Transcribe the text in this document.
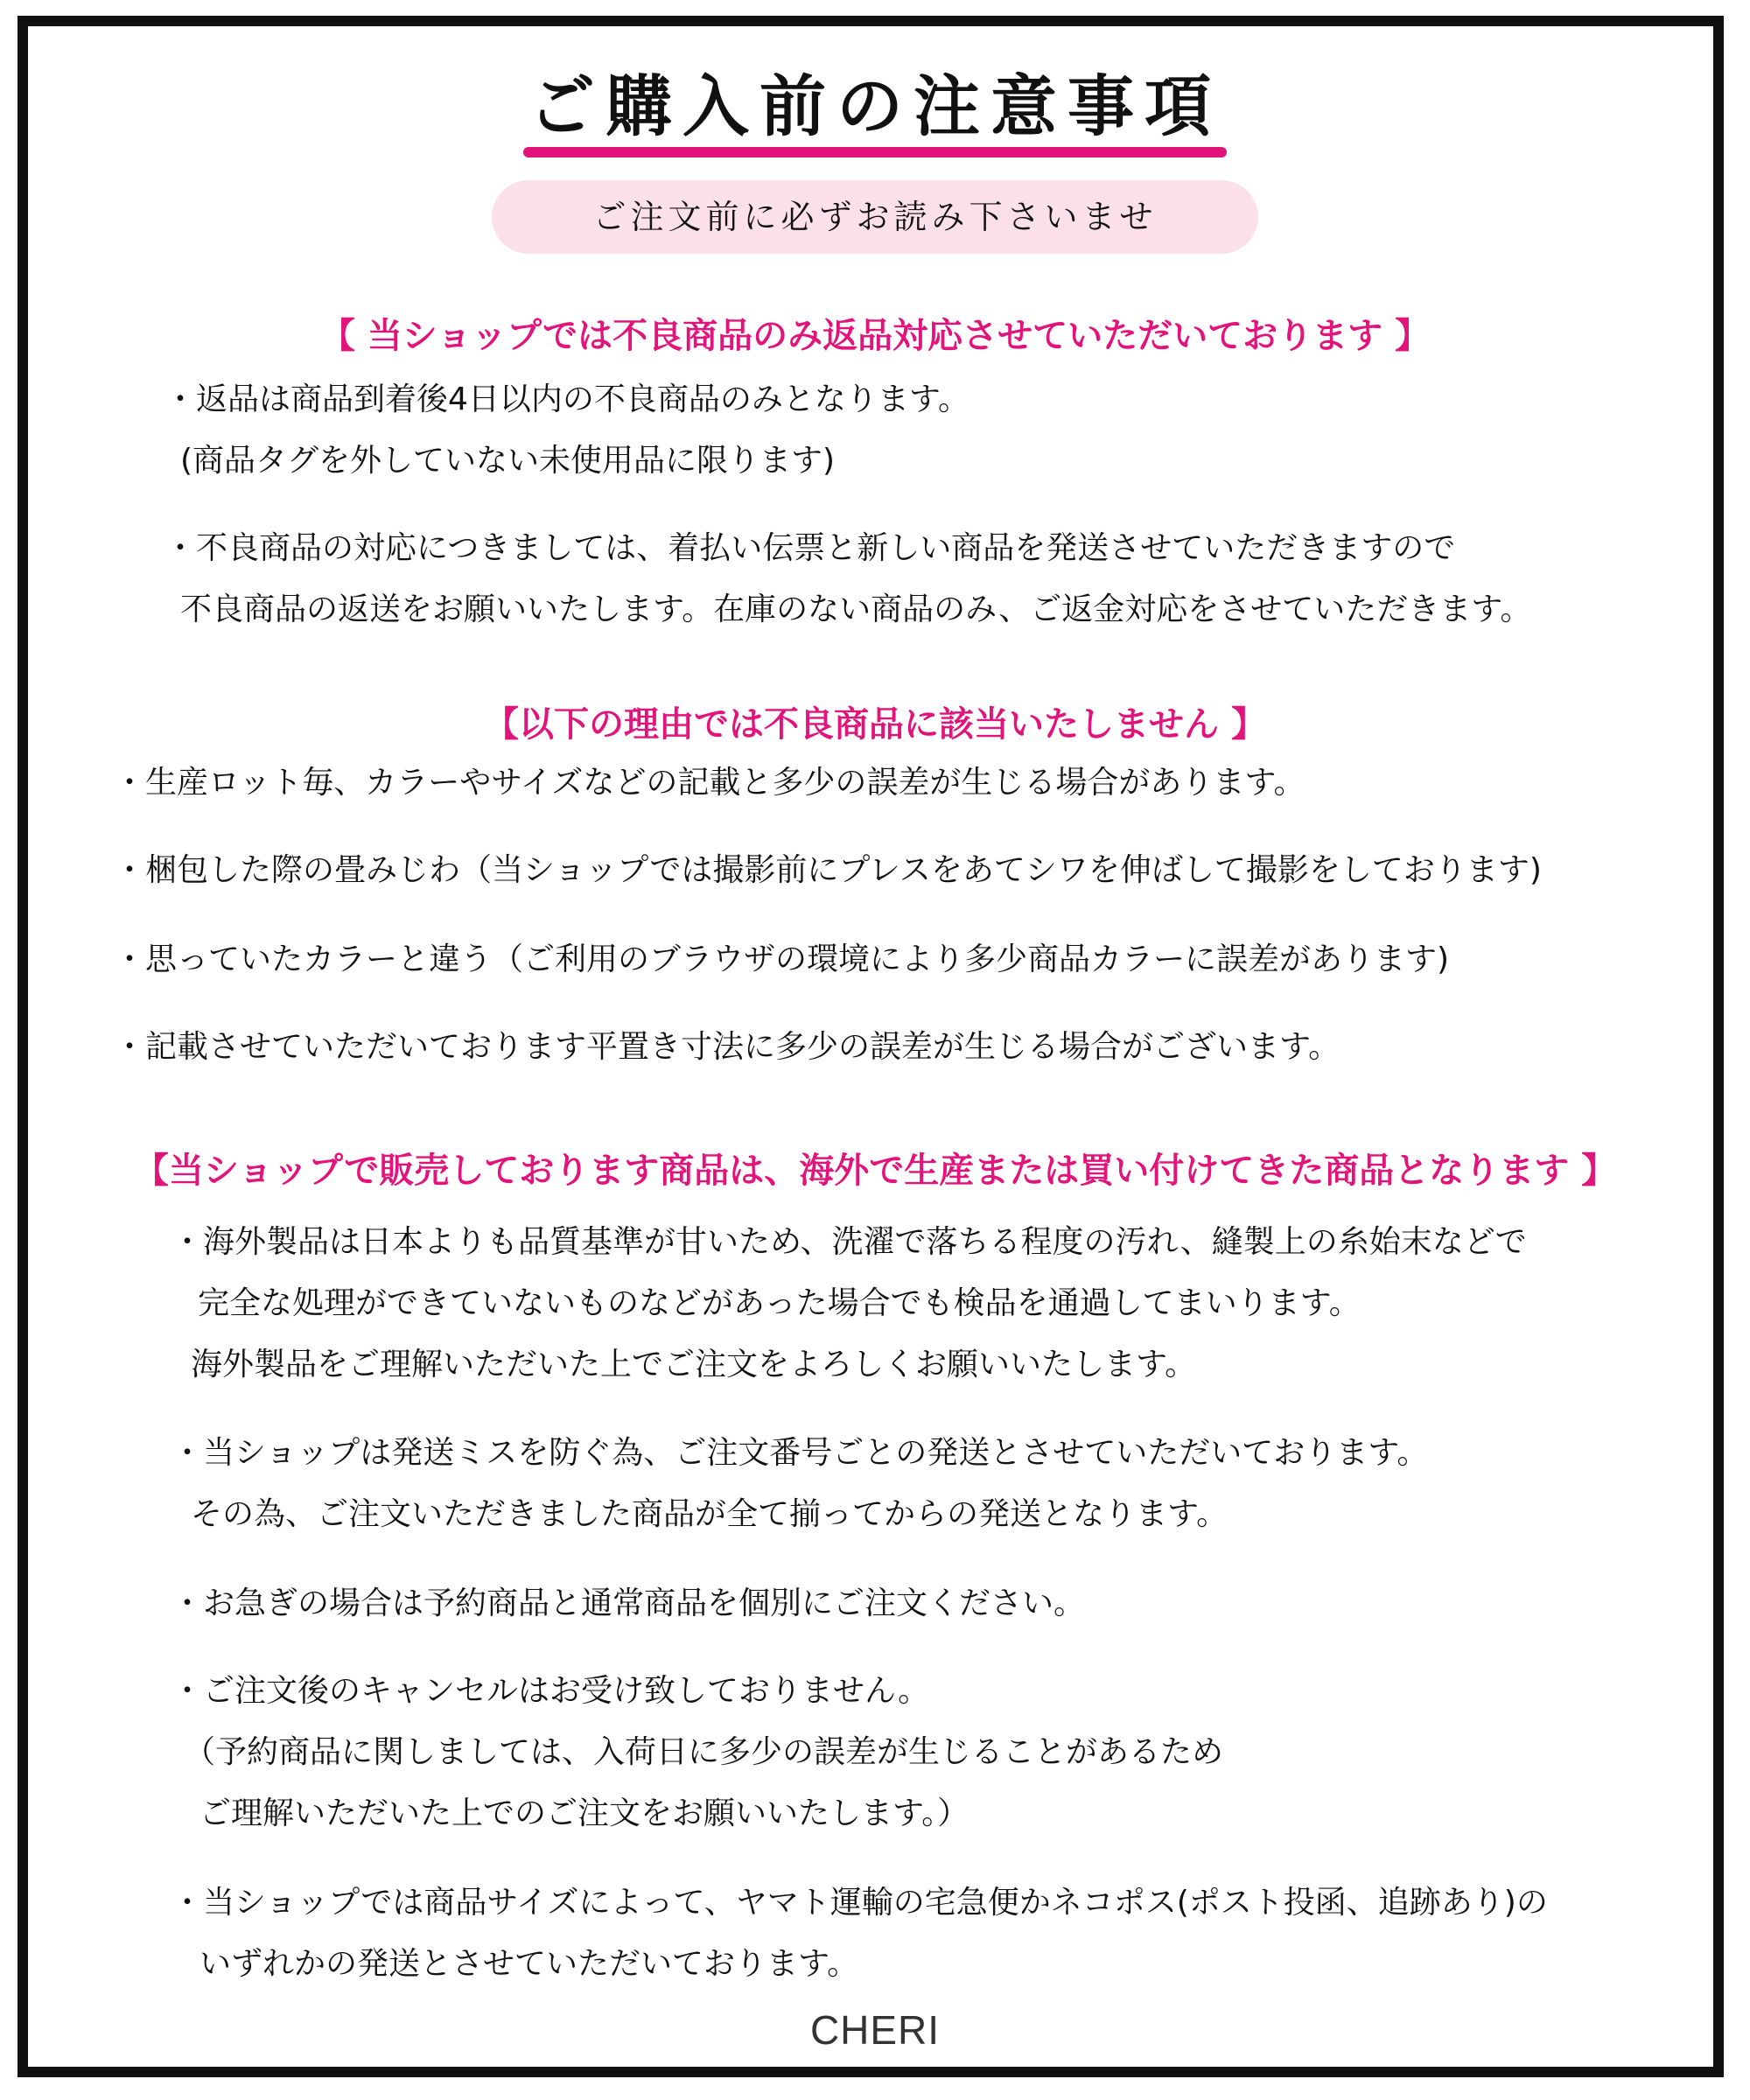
ご購入前の注意事項
ご注文前に必ずお読み下さいませ
【 当ショップでは不良商品のみ返品対応させていただいております 】
・返品は商品到着後4日以内の不良商品のみとなります。
(商品タグを外していない未使用品に限ります)
・不良商品の対応につきましては、着払い伝票と新しい商品を発送させていただきますので
不良商品の返送をお願いいたします。在庫のない商品のみ、ご返金対応をさせていただきます。
【以下の理由では不良商品に該当いたしません 】
・生産ロット毎、カラーやサイズなどの記載と多少の誤差が生じる場合があります。
・梱包した際の畳みじわ（当ショップでは撮影前にプレスをあてシワを伸ばして撮影をしております)
・思っていたカラーと違う（ご利用のブラウザの環境により多少商品カラーに誤差があります)
・記載させていただいております平置き寸法に多少の誤差が生じる場合がございます。
【当ショップで販売しております商品は、海外で生産または買い付けてきた商品となります 】
・海外製品は日本よりも品質基準が甘いため、洗濯で落ちる程度の汚れ、縫製上の糸始末などで
完全な処理ができていないものなどがあった場合でも検品を通過してまいります。
海外製品をご理解いただいた上でご注文をよろしくお願いいたします。
・当ショップは発送ミスを防ぐ為、ご注文番号ごとの発送とさせていただいております。
その為、ご注文いただきました商品が全て揃ってからの発送となります。
・お急ぎの場合は予約商品と通常商品を個別にご注文ください。
・ご注文後のキャンセルはお受け致しておりません。
（予約商品に関しましては、入荷日に多少の誤差が生じることがあるため
ご理解いただいた上でのご注文をお願いいたします。）
・当ショップでは商品サイズによって、ヤマト運輸の宅急便かネコポス(ポスト投函、追跡あり)の
いずれかの発送とさせていただいております。
CHERI
